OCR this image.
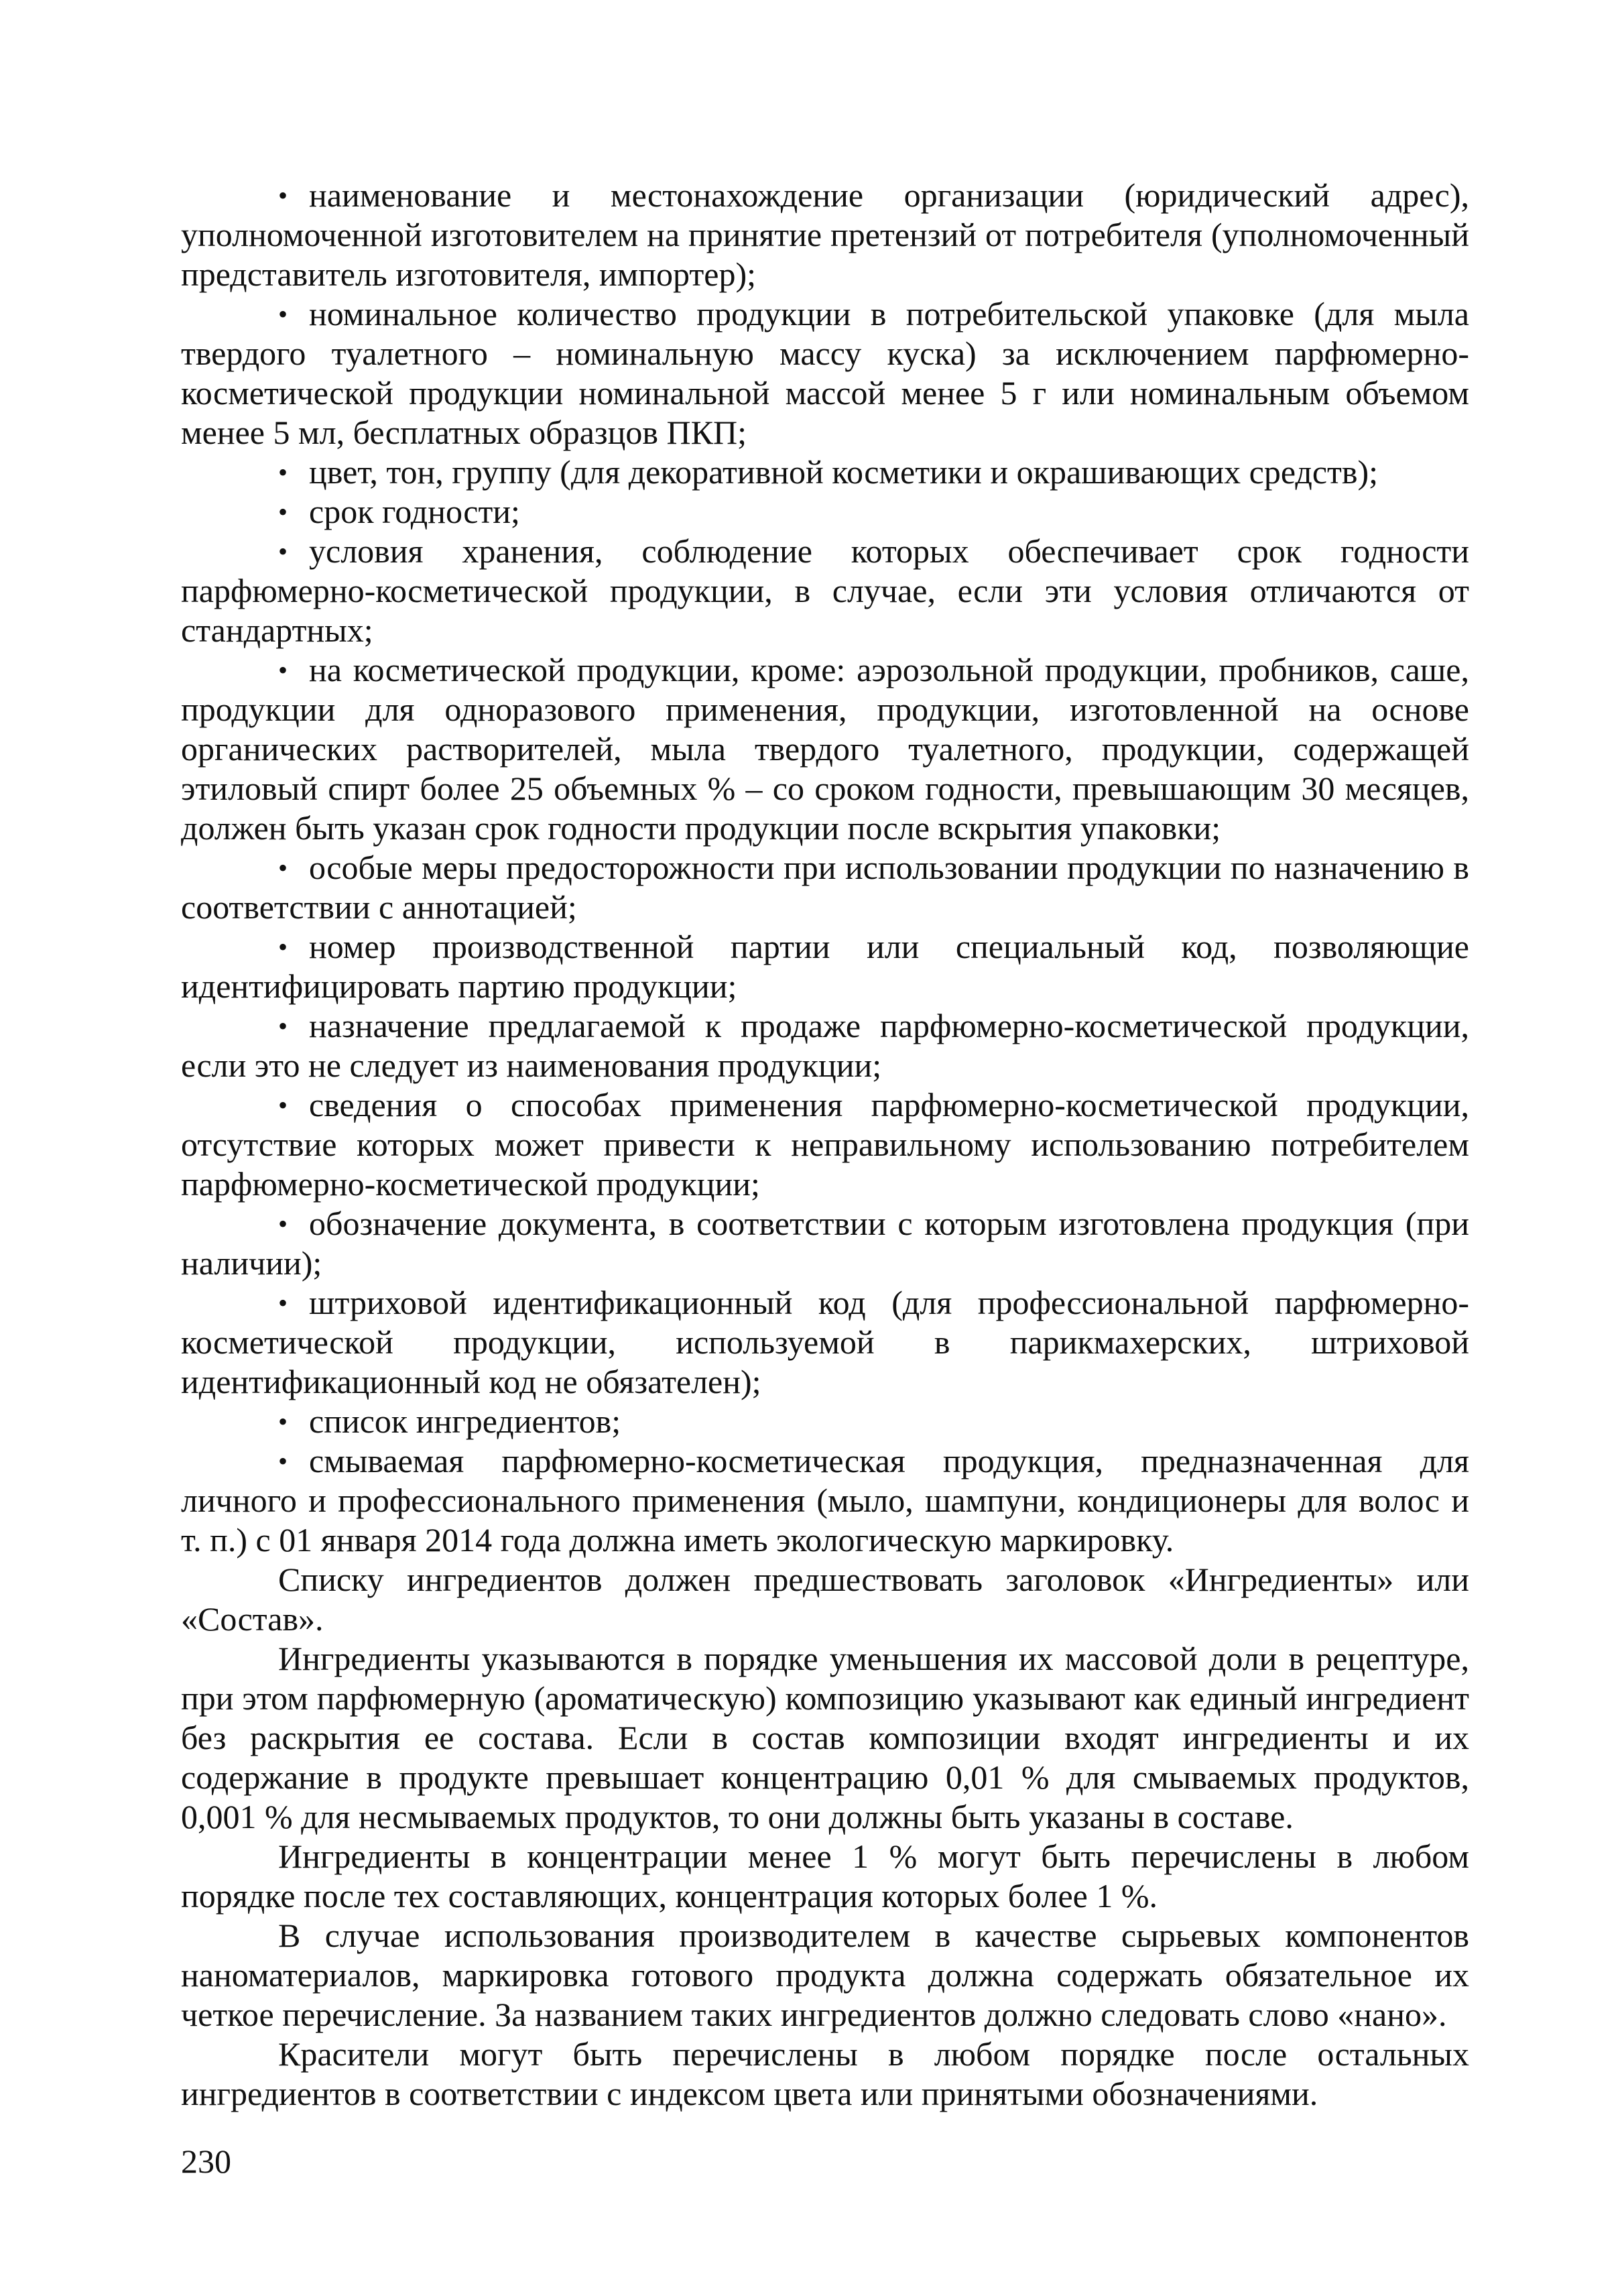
• наименование и местонахождение организации (юридический адрес), уполномоченной изготовителем на принятие претензий от потребителя (уполномоченный представитель изготовителя, импортер);

• номинальное количество продукции в потребительской упаковке (для мыла твердого туалетного – номинальную массу куска) за исключением парфюмерно-косметической продукции номинальной массой менее 5 г или номинальным объемом менее 5 мл, бесплатных образцов ПКП;

• цвет, тон, группу (для декоративной косметики и окрашивающих средств);

• срок годности;

• условия хранения, соблюдение которых обеспечивает срок годности парфюмерно-косметической продукции, в случае, если эти условия отличаются от стандартных;

• на косметической продукции, кроме: аэрозольной продукции, пробников, саше, продукции для одноразового применения, продукции, изготовленной на основе органических растворителей, мыла твердого туалетного, продукции, содержащей этиловый спирт более 25 объемных % – со сроком годности, превышающим 30 месяцев, должен быть указан срок годности продукции после вскрытия упаковки;

• особые меры предосторожности при использовании продукции по назначению в соответствии с аннотацией;

• номер производственной партии или специальный код, позволяющие идентифицировать партию продукции;

• назначение предлагаемой к продаже парфюмерно-косметической продукции, если это не следует из наименования продукции;

• сведения о способах применения парфюмерно-косметической продукции, отсутствие которых может привести к неправильному использованию потребителем парфюмерно-косметической продукции;

• обозначение документа, в соответствии с которым изготовлена продукция (при наличии);

• штриховой идентификационный код (для профессиональной парфюмерно-косметической продукции, используемой в парикмахерских, штриховой идентификационный код не обязателен);

• список ингредиентов;

• смываемая парфюмерно-косметическая продукция, предназначенная для личного и профессионального применения (мыло, шампуни, кондиционеры для волос и т. п.) с 01 января 2014 года должна иметь экологическую маркировку.

Списку ингредиентов должен предшествовать заголовок «Ингредиенты» или «Состав».

Ингредиенты указываются в порядке уменьшения их массовой доли в рецептуре, при этом парфюмерную (ароматическую) композицию указывают как единый ингредиент без раскрытия ее состава. Если в состав композиции входят ингредиенты и их содержание в продукте превышает концентрацию 0,01 % для смываемых продуктов, 0,001 % для несмываемых продуктов, то они должны быть указаны в составе.

Ингредиенты в концентрации менее 1 % могут быть перечислены в любом порядке после тех составляющих, концентрация которых более 1 %.

В случае использования производителем в качестве сырьевых компонентов наноматериалов, маркировка готового продукта должна содержать обязательное их четкое перечисление. За названием таких ингредиентов должно следовать слово «нано».

Красители могут быть перечислены в любом порядке после остальных ингредиентов в соответствии с индексом цвета или принятыми обозначениями.

230
